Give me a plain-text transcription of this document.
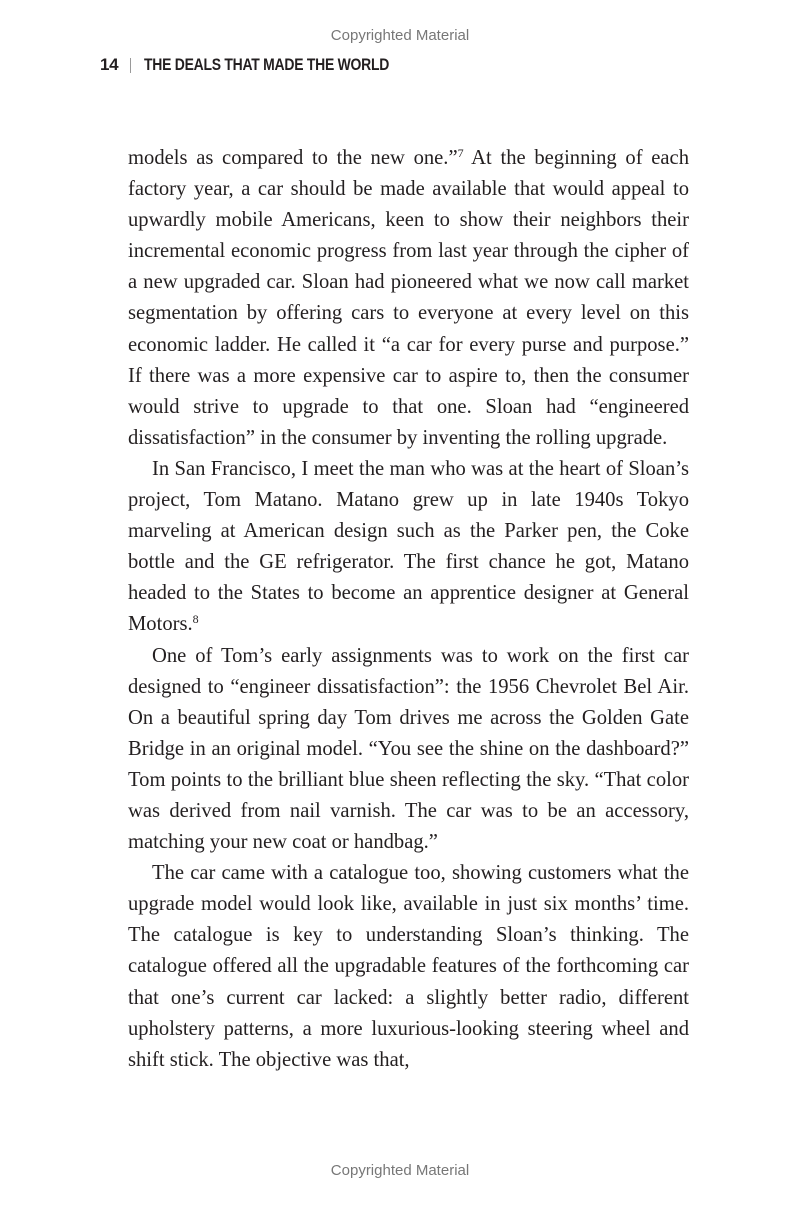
Copyrighted Material
14 THE DEALS THAT MADE THE WORLD

models as compared to the new one.”$^7$ At the beginning of each factory year, a car should be made available that would appeal to upwardly mobile Americans, keen to show their neighbors their incremental economic progress from last year through the cipher of a new upgraded car. Sloan had pioneered what we now call market segmentation by offering cars to everyone at every level on this economic ladder. He called it “a car for every purse and purpose.” If there was a more expensive car to aspire to, then the consumer would strive to upgrade to that one. Sloan had “engineered dissatisfaction” in the consumer by inventing the rolling upgrade.

In San Francisco, I meet the man who was at the heart of Sloan’s project, Tom Matano. Matano grew up in late 1940s Tokyo marveling at American design such as the Parker pen, the Coke bottle and the GE refrigerator. The first chance he got, Matano headed to the States to become an apprentice designer at General Motors.$^8$

One of Tom’s early assignments was to work on the first car designed to “engineer dissatisfaction”: the 1956 Chevrolet Bel Air. On a beautiful spring day Tom drives me across the Golden Gate Bridge in an original model. “You see the shine on the dashboard?” Tom points to the brilliant blue sheen reflecting the sky. “That color was derived from nail varnish. The car was to be an accessory, matching your new coat or handbag.”

The car came with a catalogue too, showing customers what the upgrade model would look like, available in just six months’ time. The catalogue is key to understanding Sloan’s thinking. The catalogue offered all the upgradable features of the forthcoming car that one’s current car lacked: a slightly better radio, different upholstery patterns, a more luxurious-looking steering wheel and shift stick. The objective was that,

Copyrighted Material
